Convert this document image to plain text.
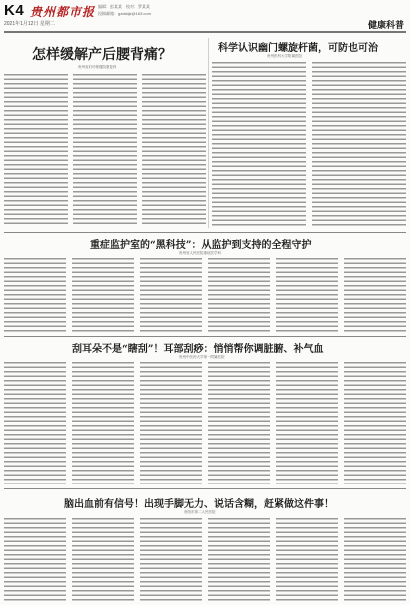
K4
2021年1月12日 星期二
贵州都市报 编辑：彭某某　校对：罗某某
投稿邮箱：gzdsbjk@163.com
健康科普
怎样缓解产后腰背痛？
贵州省妇幼保健院康复科
科学认识幽门螺旋杆菌，可防也可治
贵州医科大学附属医院
重症监护室的“黑科技”：从监护到支持的全程守护
贵州省人民医院重症医学科
刮耳朵不是“瞎刮”！耳部刮痧：悄悄帮你调脏腑、补气血
贵州中医药大学第一附属医院
脑出血前有信号！出现手脚无力、说话含糊，赶紧做这件事！
贵阳市第二人民医院
